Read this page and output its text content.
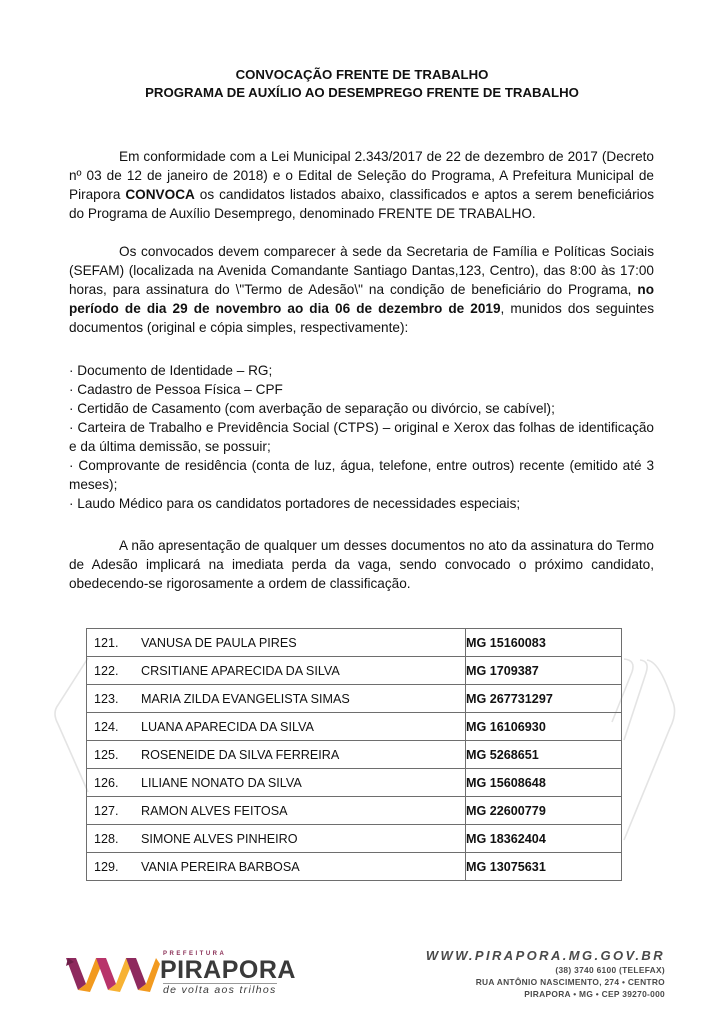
CONVOCAÇÃO FRENTE DE TRABALHO
PROGRAMA DE AUXÍLIO AO DESEMPREGO FRENTE DE TRABALHO
Em conformidade com a Lei Municipal 2.343/2017 de 22 de dezembro de 2017 (Decreto nº 03 de 12 de janeiro de 2018) e o Edital de Seleção do Programa, A Prefeitura Municipal de Pirapora CONVOCA os candidatos listados abaixo, classificados e aptos a serem beneficiários do Programa de Auxílio Desemprego, denominado FRENTE DE TRABALHO.
Os convocados devem comparecer à sede da Secretaria de Família e Políticas Sociais (SEFAM) (localizada na Avenida Comandante Santiago Dantas,123, Centro), das 8:00 às 17:00 horas, para assinatura do \"Termo de Adesão\" na condição de beneficiário do Programa, no período de dia 29 de novembro ao dia 06 de dezembro de 2019, munidos dos seguintes documentos (original e cópia simples, respectivamente):
· Documento de Identidade – RG;
· Cadastro de Pessoa Física – CPF
· Certidão de Casamento (com averbação de separação ou divórcio, se cabível);
· Carteira de Trabalho e Previdência Social (CTPS) – original e Xerox das folhas de identificação e da última demissão, se possuir;
· Comprovante de residência (conta de luz, água, telefone, entre outros) recente (emitido até 3 meses);
· Laudo Médico para os candidatos portadores de necessidades especiais;
A não apresentação de qualquer um desses documentos no ato da assinatura do Termo de Adesão implicará na imediata perda da vaga, sendo convocado o próximo candidato, obedecendo-se rigorosamente a ordem de classificação.
121. VANUSA DE PAULA PIRES	MG 15160083
122. CRSITIANE APARECIDA DA SILVA	MG 1709387
123. MARIA ZILDA EVANGELISTA SIMAS	MG 267731297
124. LUANA APARECIDA DA SILVA	MG 16106930
125. ROSENEIDE DA SILVA FERREIRA	MG 5268651
126. LILIANE NONATO DA SILVA	MG 15608648
127. RAMON ALVES FEITOSA	MG 22600779
128. SIMONE ALVES PINHEIRO	MG 18362404
129. VANIA PEREIRA BARBOSA	MG 13075631
PREFEITURA
PIRAPORA
de volta aos trilhos
WWW.PIRAPORA.MG.GOV.BR
(38) 3740 6100 (TELEFAX)
RUA ANTÔNIO NASCIMENTO, 274 • CENTRO
PIRAPORA • MG • CEP 39270-000
